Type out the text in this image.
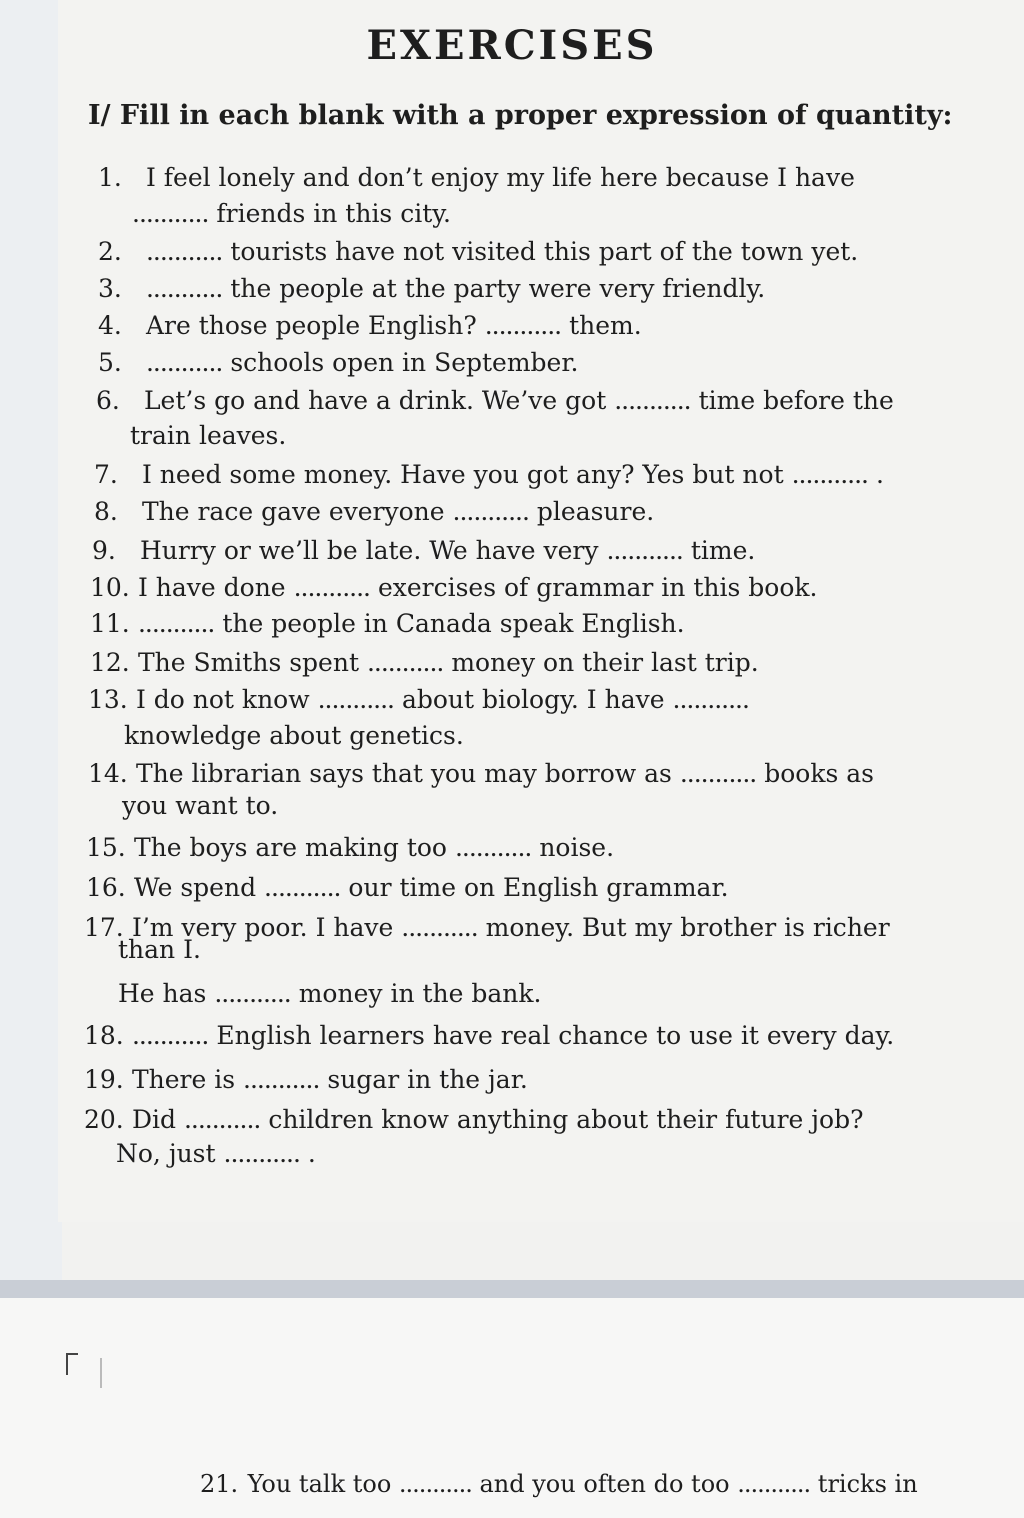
EXERCISES
I/ Fill in each blank with a proper expression of quantity:
1. I feel lonely and don’t enjoy my life here because I have
........... friends in this city.
2. ........... tourists have not visited this part of the town yet.
3. ........... the people at the party were very friendly.
4. Are those people English? ........... them.
5. ........... schools open in September.
6. Let’s go and have a drink. We’ve got ........... time before the
train leaves.
7. I need some money. Have you got any? Yes but not ........... .
8. The race gave everyone ........... pleasure.
9. Hurry or we’ll be late. We have very ........... time.
10. I have done ........... exercises of grammar in this book.
11. ........... the people in Canada speak English.
12. The Smiths spent ........... money on their last trip.
13. I do not know ........... about biology. I have ...........
knowledge about genetics.
14. The librarian says that you may borrow as ........... books as
you want to.
15. The boys are making too ........... noise.
16. We spend ........... our time on English grammar.
17. I’m very poor. I have ........... money. But my brother is richer
than I.
He has ........... money in the bank.
18. ........... English learners have real chance to use it every day.
19. There is ........... sugar in the jar.
20. Did ........... children know anything about their future job?
No, just ........... .
21. You talk too ........... and you often do too ........... tricks in
